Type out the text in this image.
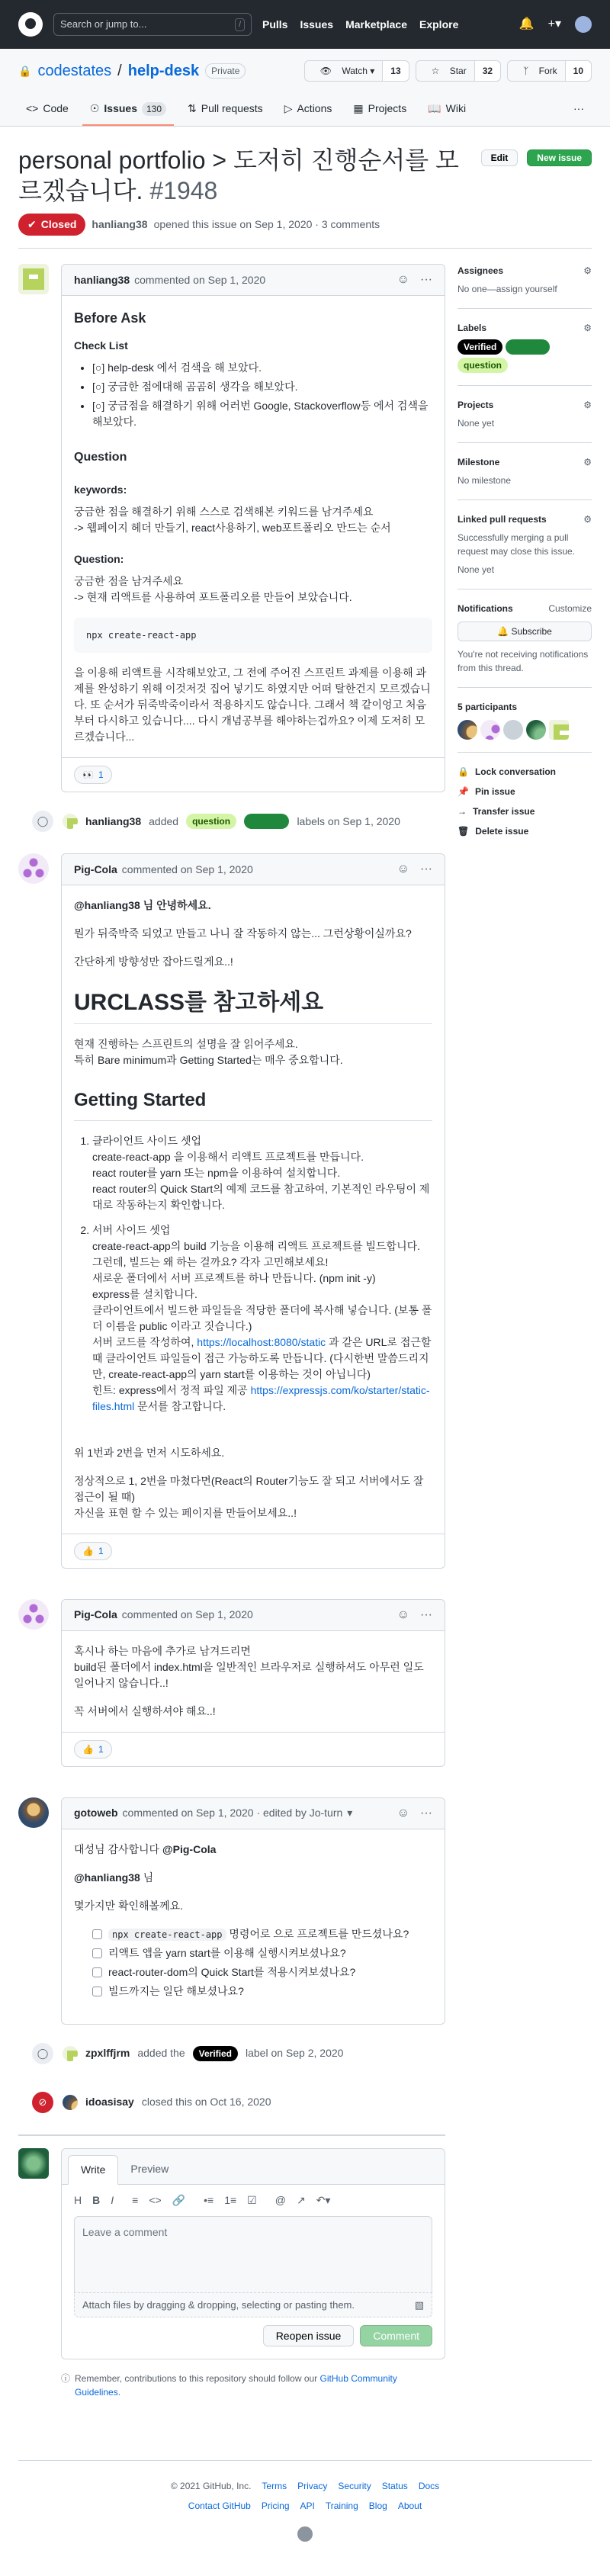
Search or jump to...	/	Pulls Issues Marketplace Explore	🔔 +▾
🔒 codestates / help-desk	Private	👁 Watch ▾	13	☆ Star	32	ᛉ Fork	10
<> Code ☉ Issues	130	⇅ Pull requests ▷ Actions ▦ Projects 📖 Wiki	···
personal portfolio > 도저히 진행순서를 모르겠습니다. #1948
Edit	New issue
✔ Closed hanliang38 opened this issue on Sep 1, 2020 · 3 comments
hanliang38 commented on Sep 1, 2020	☺ ···
Before Ask
Check List
• [○] help-desk 에서 검색을 해 보았다.
• [○] 궁금한 점에대해 곰곰히 생각을 해보았다.
• [○] 궁금점을 해결하기 위해 어러번 Google, Stackoverflow등 에서 검색을 해보았다.
Question
keywords:

궁금한 점을 해결하기 위해 스스로 검색해본 키워드를 남겨주세요

-> 웹페이지 헤더 만들기, react사용하기, web포트폴리오 만드는 순서

Question:

궁금한 점을 남겨주세요

-> 현재 리액트를 사용하여 포트폴리오를 만들어 보았습니다.

npx create-react-app

을 이용해 리액트를 시작해보았고, 그 전에 주어진 스프린트 과제를 이용해 과제를 완성하기 위해 이것저것 집어 넣기도 하였지만 어떠 탈한건지 모르겠습니다. 또 순서가 뒤죽박죽이라서 적용하지도 않습니다. 그래서 책 같이엉고 처음부터 다시하고 있습니다.... 다시 개념공부를 해야하는겁까요? 이제 도저히 모르겠습니다...

👀 1
◯	hanliang38 added	question	Verified	labels on Sep 1, 2020
Pig-Cola commented on Sep 1, 2020	☺ ···

@hanliang38 님 안녕하세요.

뭔가 뒤죽박죽 되었고 만들고 나니 잘 작동하지 않는... 그런상황이실까요?

간단하게 방향성만 잡아드릴게요..!

URCLASS를 참고하세요

현재 진행하는 스프린트의 설명을 잘 읽어주세요.

특히 Bare minimum과 Getting Started는 매우 중요합니다.

Getting Started
1. 클라이언트 사이드 셋업
create-react-app 을 이용해서 리액트 프로젝트를 만듭니다.
react router를 yarn 또는 npm을 이용하여 설치합니다.
react router의 Quick Start의 예제 코드를 참고하여, 기본적인 라우팅이 제대로 작동하는지 확인합니다.
2. 서버 사이드 셋업
create-react-app의 build 기능을 이용해 리액트 프로젝트를 빌드합니다.
그런데, 빌드는 왜 하는 걸까요? 각자 고민해보세요!
새로운 폴더에서 서버 프로젝트를 하나 만듭니다. (npm init -y)
express를 설치합니다.
클라이언트에서 빌드한 파일들을 적당한 폴더에 복사해 넣습니다. (보통 폴더 이름을 public 이라고 짓습니다.)
서버 코드를 작성하여, https://localhost:8080/static 과 같은 URL로 접근할 때 클라이언트 파일들이 접근 가능하도록 만듭니다. (다시한번 말씀드리지만, create-react-app의 yarn start를 이용하는 것이 아닙니다)
힌트: express에서 정적 파일 제공 https://expressjs.com/ko/starter/static-files.html 문서를 참고합니다.

위 1번과 2번을 먼저 시도하세요.

정상적으로 1, 2번을 마쳤다면(React의 Router기능도 잘 되고 서버에서도 잘 접근이 될 때)

자신을 표현 할 수 있는 페이지를 만들어보세요..!

👍 1
Pig-Cola commented on Sep 1, 2020	☺ ···

혹시나 하는 마음에 추가로 남겨드리면

build된 폴더에서 index.html을 일반적인 브라우저로 실행하셔도 아무런 일도 일어나지 않습니다..!

꼭 서버에서 실행하셔야 해요..!

👍 1
gotoweb commented on Sep 1, 2020 · edited by Jo-turn ▾	☺ ···

대성님 감사합니다 @Pig-Cola

@hanliang38 님

몇가지만 확인해볼께요.

npx create-react-app 명령어로 으로 프로젝트를 만드셨나요?
리액트 앱을 yarn start를 이용해 실행시켜보셨나요?
react-router-dom의 Quick Start를 적용시켜보셨나요?
빌드까지는 일단 해보셨나요?
◯	zpxlffjrm added the	Verified	label on Sep 2, 2020
⊘	idoasisay closed this on Oct 16, 2020
Write	Preview
H B I ≡ <> 🔗 •≡ 1≡ ☑ @ ↗ ↶▾
Leave a comment
Attach files by dragging & dropping, selecting or pasting them.	▧
Reopen issue	Comment
ⓘ Remember, contributions to this repository should follow our GitHub Community Guidelines.
Assignees	⚙
No one—assign yourself
Labels	⚙
Verified
question
Projects	⚙
None yet
Milestone	⚙
No milestone
Linked pull requests	⚙
Successfully merging a pull request may close this issue.
None yet
Notifications	Customize
🔔 Subscribe
You're not receiving notifications from this thread.
5 participants
🔒 Lock conversation
📌 Pin issue
→ Transfer issue
🗑 Delete issue
© 2021 GitHub, Inc. Terms Privacy Security Status Docs
Contact GitHub Pricing API Training Blog About
